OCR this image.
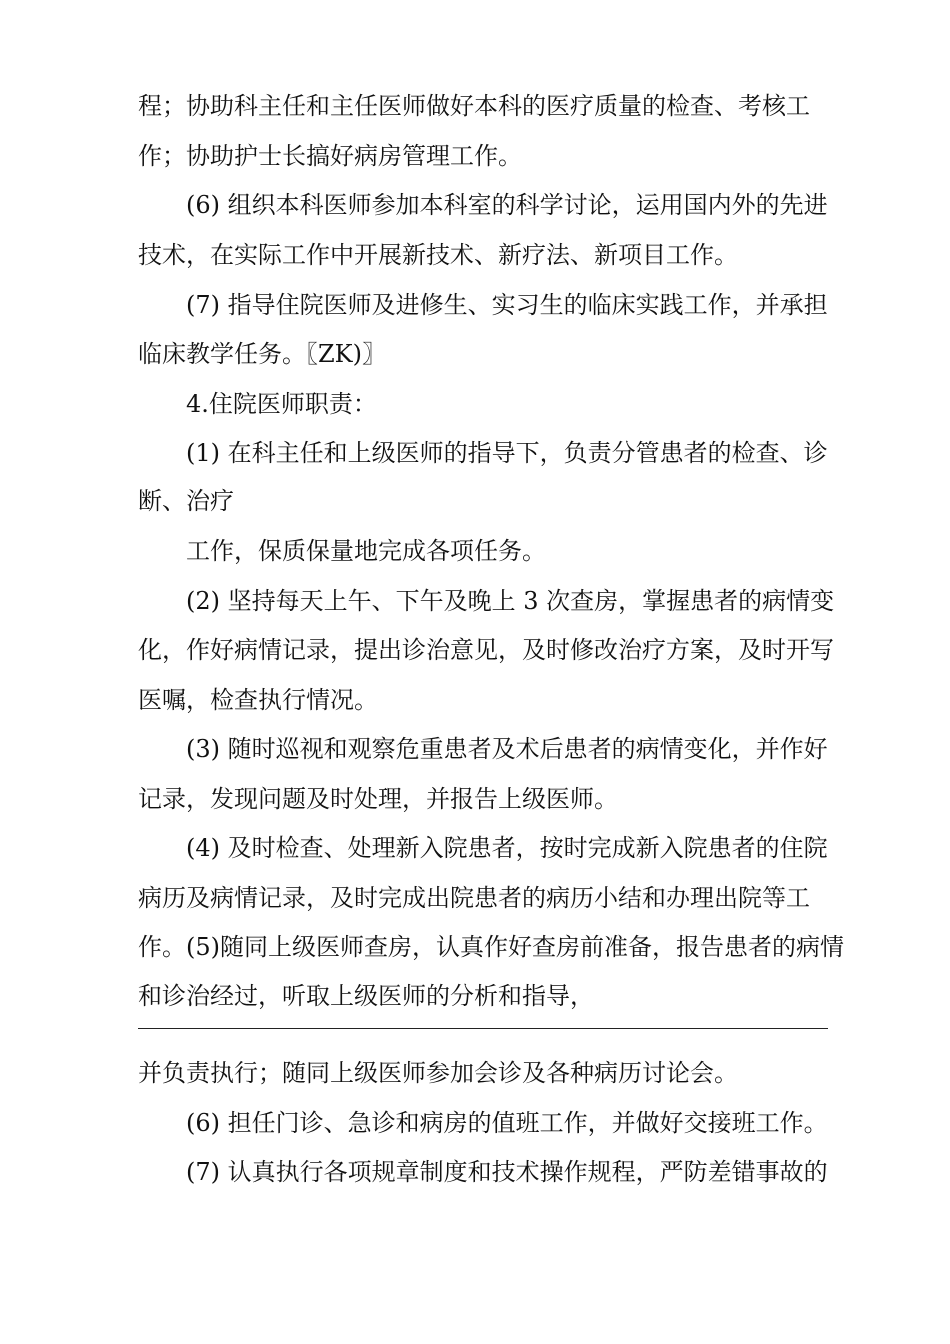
程；协助科主任和主任医师做好本科的医疗质量的检查、考核工
作；协助护士长搞好病房管理工作。
(6) 组织本科医师参加本科室的科学讨论，运用国内外的先进
技术，在实际工作中开展新技术、新疗法、新项目工作。
(7) 指导住院医师及进修生、实习生的临床实践工作，并承担
临床教学任务。〖ZK)〗
4.住院医师职责：
(1) 在科主任和上级医师的指导下，负责分管患者的检查、诊
断、治疗
工作，保质保量地完成各项任务。
(2) 坚持每天上午、下午及晚上 3 次查房，掌握患者的病情变
化，作好病情记录，提出诊治意见，及时修改治疗方案，及时开写
医嘱，检查执行情况。
(3) 随时巡视和观察危重患者及术后患者的病情变化，并作好
记录，发现问题及时处理，并报告上级医师。
(4) 及时检查、处理新入院患者，按时完成新入院患者的住院
病历及病情记录，及时完成出院患者的病历小结和办理出院等工
作。(5)随同上级医师查房，认真作好查房前准备，报告患者的病情
和诊治经过，听取上级医师的分析和指导，
并负责执行；随同上级医师参加会诊及各种病历讨论会。
(6) 担任门诊、急诊和病房的值班工作，并做好交接班工作。
(7) 认真执行各项规章制度和技术操作规程，严防差错事故的
